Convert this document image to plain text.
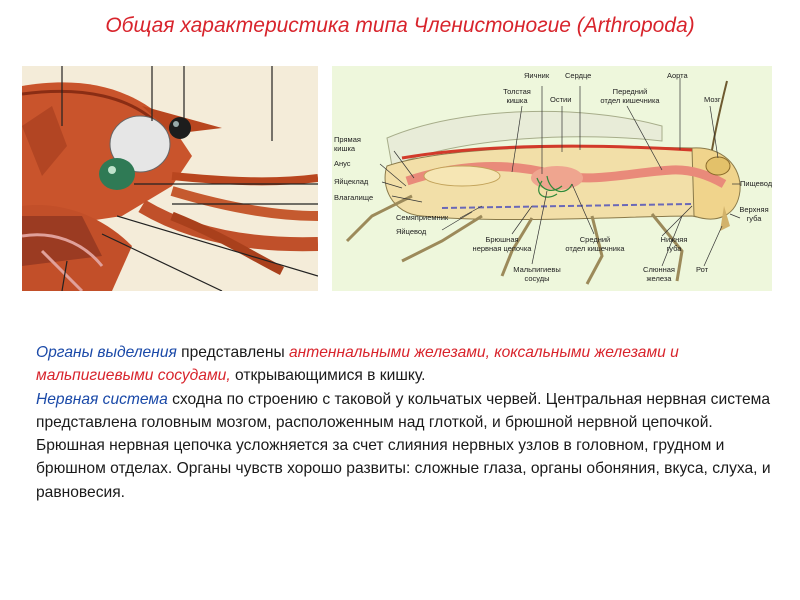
Общая характеристика типа Членистоногие (Arthropoda)
Яичник Сердце	Аорта
Толстая
кишка	Остии
Передний
отдел кишечника	Мозг
Прямая
кишка
Анус
Яйцеклад
Влагалище
Пищевод
Семяприемник
Верхняя
губа
Яйцевод
Брюшная
нервная цепочка
Средний
отдел кишечника
Нижняя
губа
Рот
Мальпигиевы
сосуды
Слюнная
железа

Органы выделения представлены антеннальными железами, коксальными железами и мальпигиевыми сосудами, открывающимися в кишку.

Нервная система сходна по строению с таковой у кольчатых червей. Центральная нервная система представлена головным мозгом, расположенным над глоткой, и брюшной нервной цепочкой. Брюшная нервная цепочка усложняется за счет слияния нервных узлов в головном, грудном и брюшном отделах. Органы чувств хорошо развиты: сложные глаза, органы обоняния, вкуса, слуха, и равновесия.
